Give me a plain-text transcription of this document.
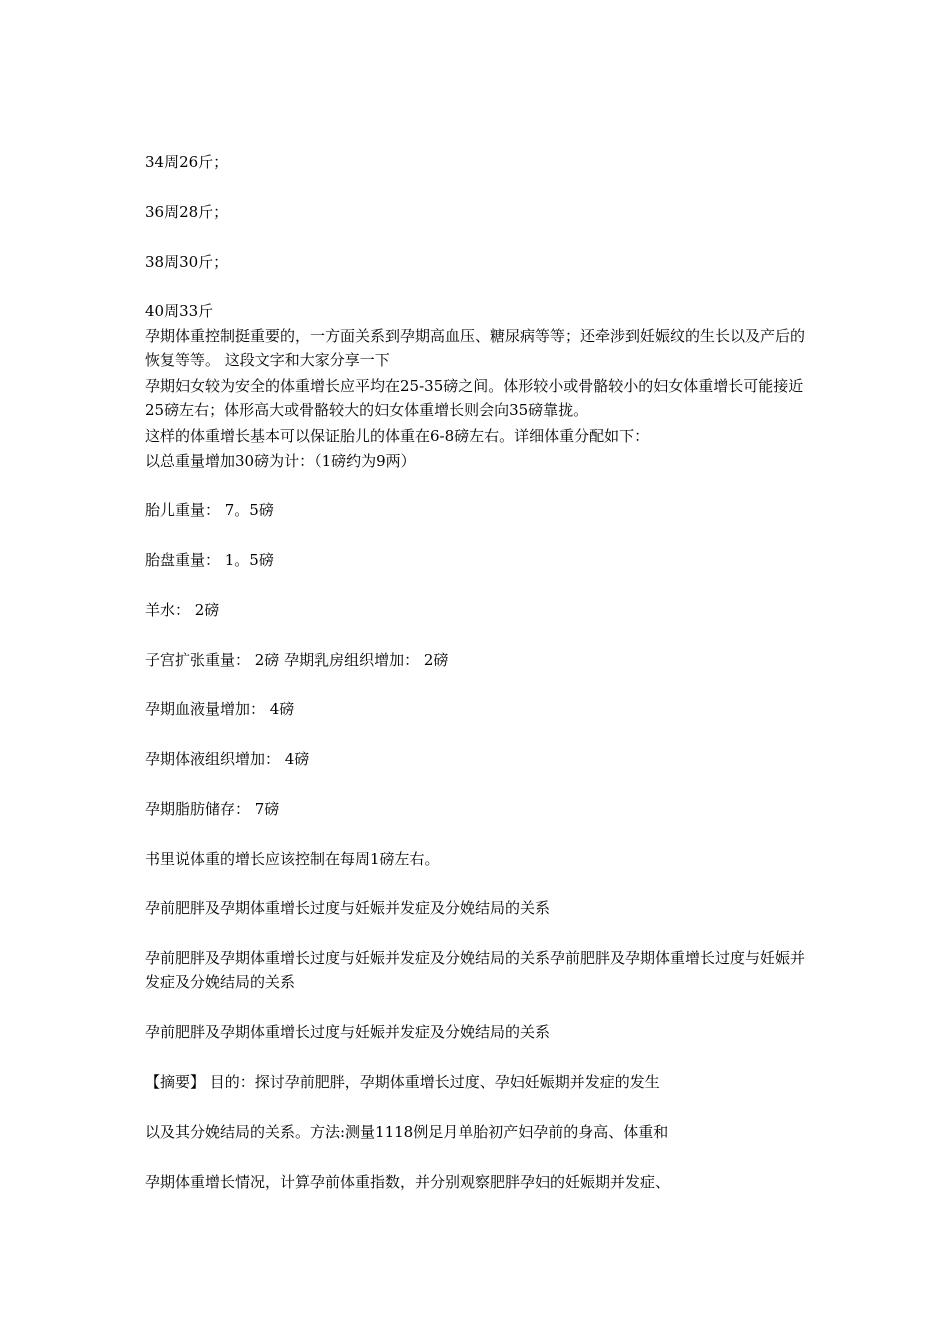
34周26斤；
36周28斤；
38周30斤；
40周33斤
孕期体重控制挺重要的，一方面关系到孕期高血压、糖尿病等等；还牵涉到妊娠纹的生长以及产后的恢复等等。 这段文字和大家分享一下
孕期妇女较为安全的体重增长应平均在25-35磅之间。体形较小或骨骼较小的妇女体重增长可能接近25磅左右；体形高大或骨骼较大的妇女体重增长则会向35磅靠拢。
这样的体重增长基本可以保证胎儿的体重在6-8磅左右。详细体重分配如下：
以总重量增加30磅为计：（1磅约为9两）
胎儿重量： 7。5磅
胎盘重量： 1。5磅
羊水： 2磅
子宫扩张重量： 2磅 孕期乳房组织增加： 2磅
孕期血液量增加： 4磅
孕期体液组织增加： 4磅
孕期脂肪储存： 7磅
书里说体重的增长应该控制在每周1磅左右。
孕前肥胖及孕期体重增长过度与妊娠并发症及分娩结局的关系
孕前肥胖及孕期体重增长过度与妊娠并发症及分娩结局的关系孕前肥胖及孕期体重增长过度与妊娠并发症及分娩结局的关系
孕前肥胖及孕期体重增长过度与妊娠并发症及分娩结局的关系
【摘要】 目的：探讨孕前肥胖，孕期体重增长过度、孕妇妊娠期并发症的发生
以及其分娩结局的关系。方法:测量1118例足月单胎初产妇孕前的身高、体重和
孕期体重增长情况，计算孕前体重指数，并分别观察肥胖孕妇的妊娠期并发症、
